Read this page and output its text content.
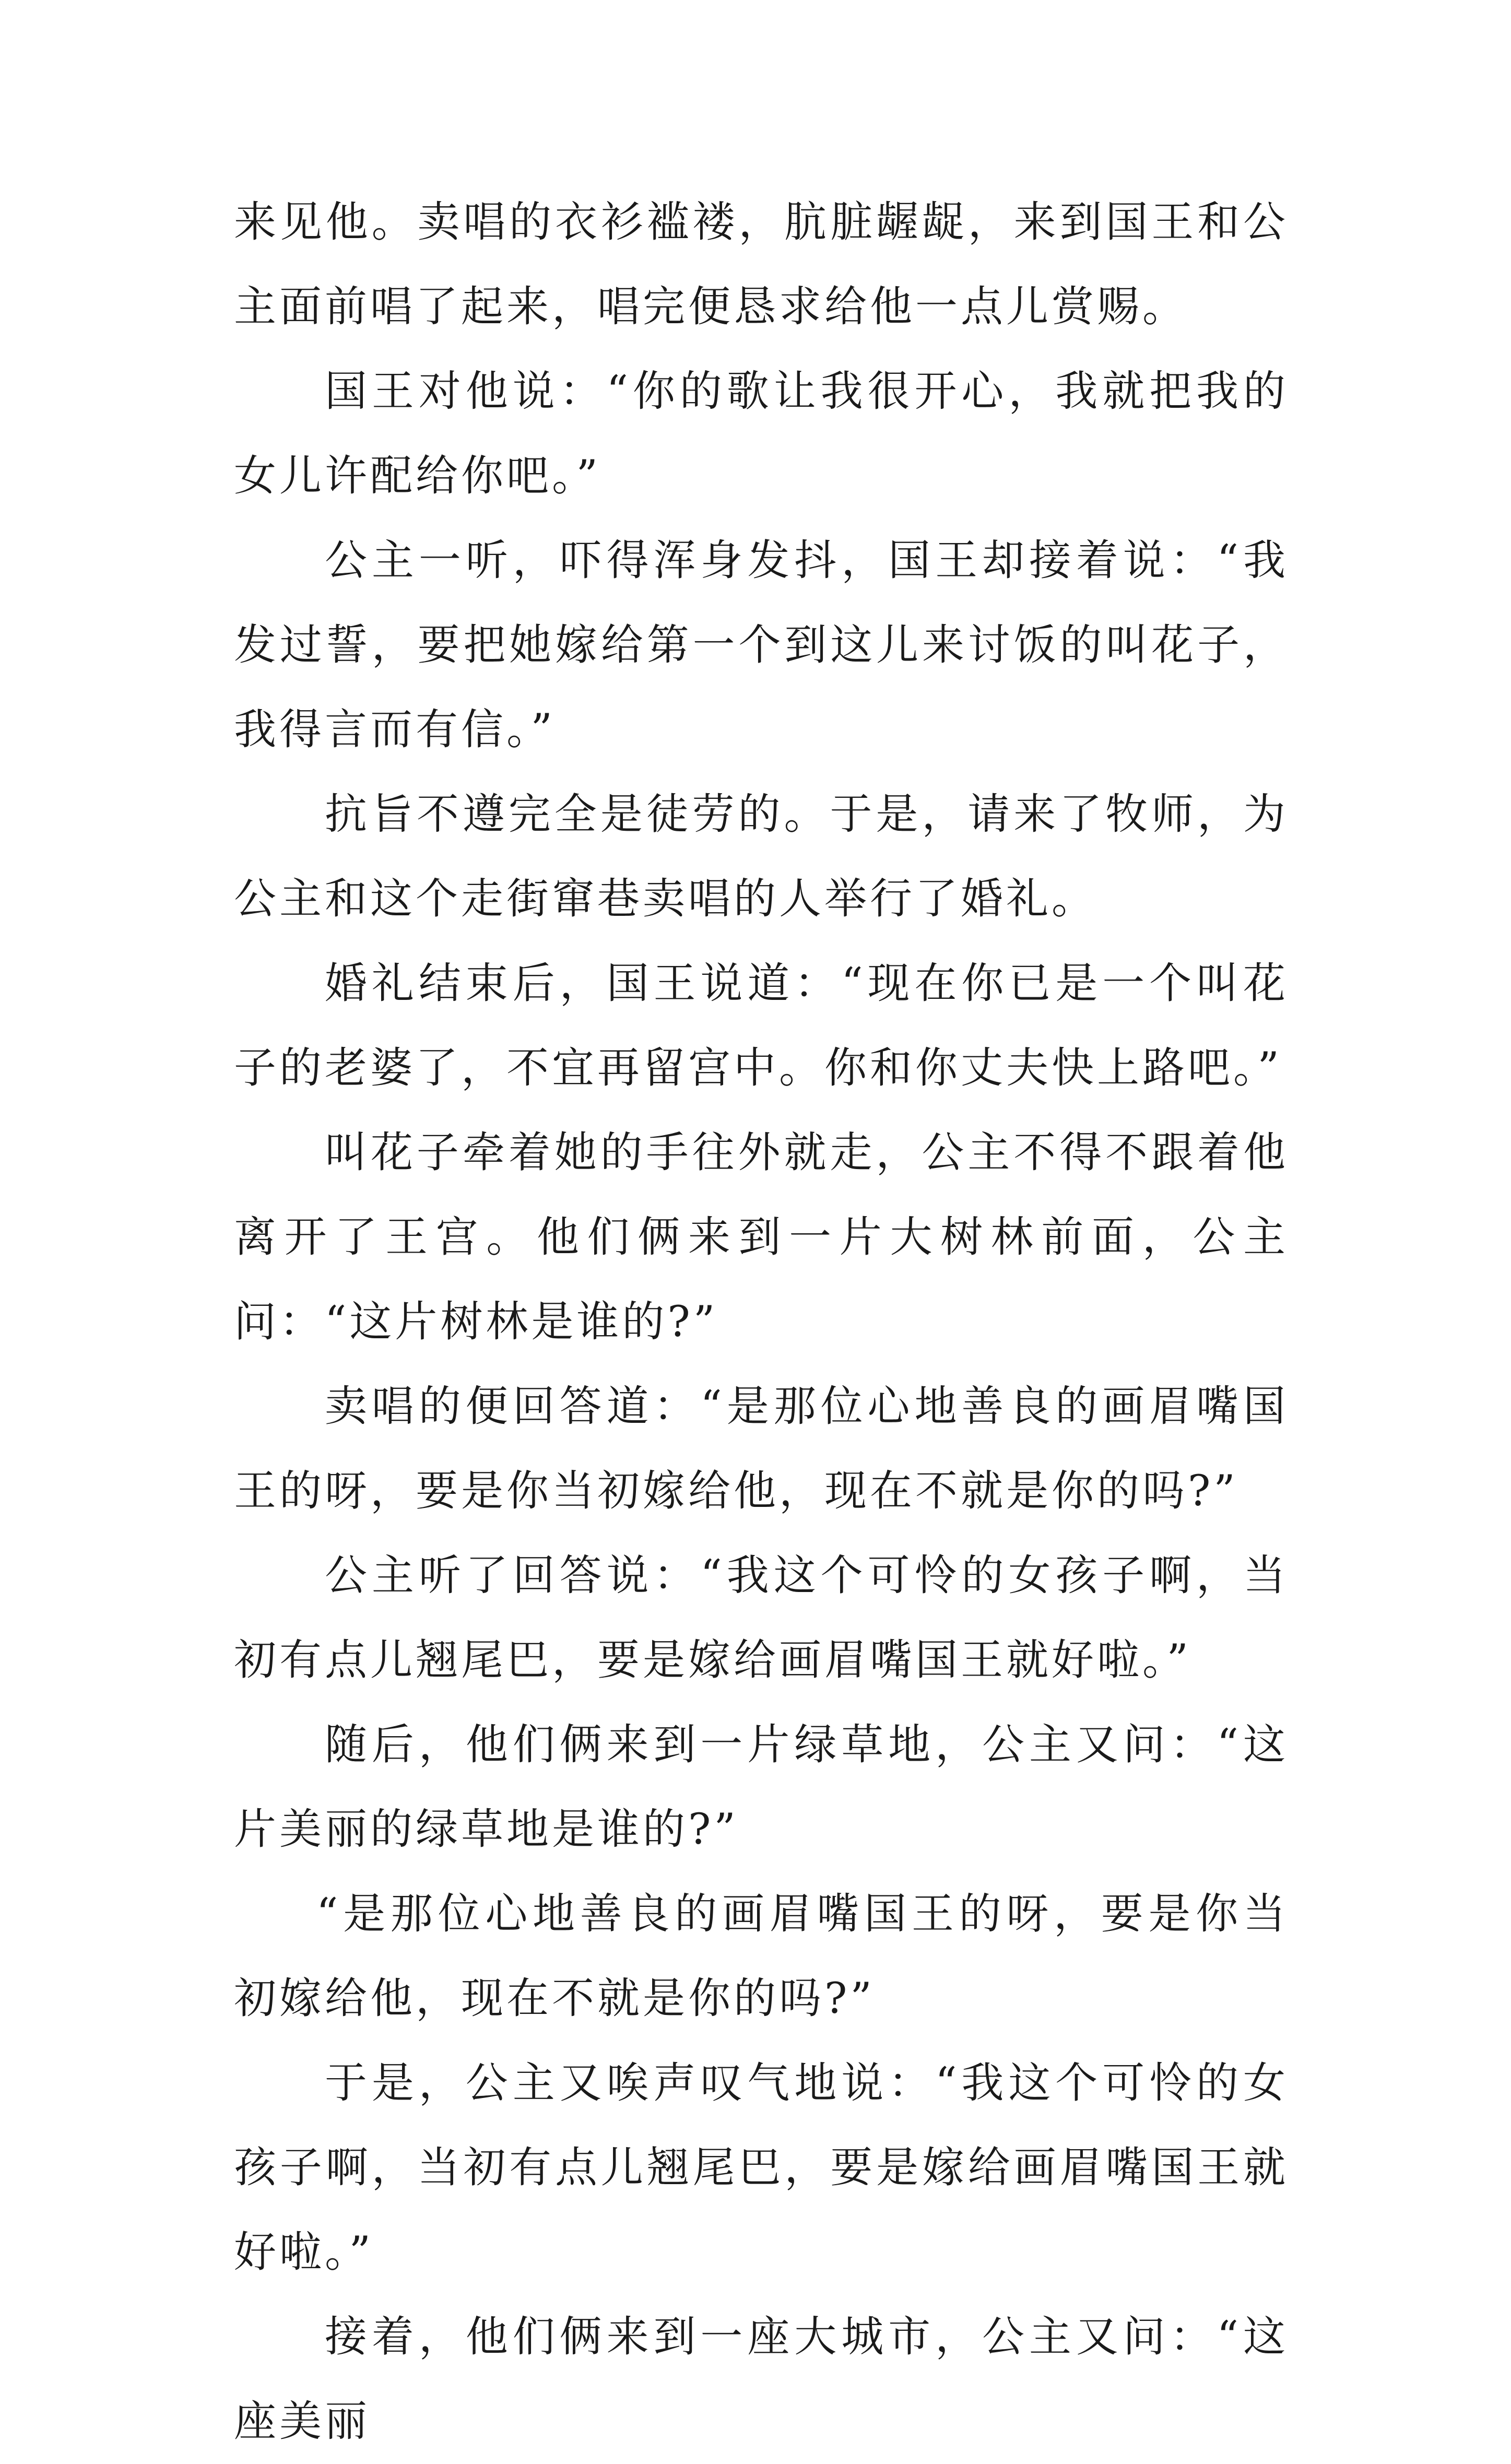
来见他。卖唱的衣衫褴褛，肮脏龌龊，来到国王和公主面前唱了起来，唱完便恳求给他一点儿赏赐。

国王对他说：“你的歌让我很开心，我就把我的女儿许配给你吧。”

公主一听，吓得浑身发抖，国王却接着说：“我发过誓，要把她嫁给第一个到这儿来讨饭的叫花子，我得言而有信。”

抗旨不遵完全是徒劳的。于是，请来了牧师，为公主和这个走街窜巷卖唱的人举行了婚礼。

婚礼结束后，国王说道：“现在你已是一个叫花子的老婆了，不宜再留宫中。你和你丈夫快上路吧。”

叫花子牵着她的手往外就走，公主不得不跟着他离开了王宫。他们俩来到一片大树林前面，公主问：“这片树林是谁的?”

卖唱的便回答道：“是那位心地善良的画眉嘴国王的呀，要是你当初嫁给他，现在不就是你的吗?”

公主听了回答说：“我这个可怜的女孩子啊，当初有点儿翘尾巴，要是嫁给画眉嘴国王就好啦。”

随后，他们俩来到一片绿草地，公主又问：“这片美丽的绿草地是谁的?”

“是那位心地善良的画眉嘴国王的呀，要是你当初嫁给他，现在不就是你的吗?”

于是，公主又唉声叹气地说：“我这个可怜的女孩子啊，当初有点儿翘尾巴，要是嫁给画眉嘴国王就好啦。”

接着，他们俩来到一座大城市，公主又问：“这座美丽
